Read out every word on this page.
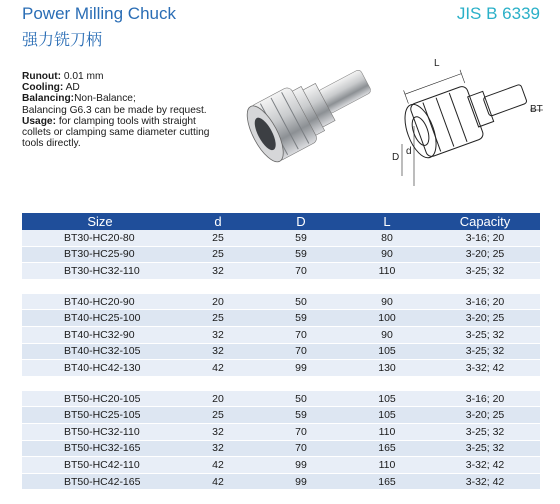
Power Milling Chuck
强力铣刀柄
JIS B 6339
Runout: 0.01 mm
Cooling: AD
Balancing:Non-Balance;
Balancing G6.3 can be made by request.
Usage: for clamping tools with straight collets or clamping same diameter cutting tools directly.
L
D
d
BT
Size	d	D	L	Capacity
BT30-HC20-80	25	59	80	3-16; 20
BT30-HC25-90	25	59	90	3-20; 25
BT30-HC32-110	32	70	110	3-25; 32

BT40-HC20-90	20	50	90	3-16; 20
BT40-HC25-100	25	59	100	3-20; 25
BT40-HC32-90	32	70	90	3-25; 32
BT40-HC32-105	32	70	105	3-25; 32
BT40-HC42-130	42	99	130	3-32; 42

BT50-HC20-105	20	50	105	3-16; 20
BT50-HC25-105	25	59	105	3-20; 25
BT50-HC32-110	32	70	110	3-25; 32
BT50-HC32-165	32	70	165	3-25; 32
BT50-HC42-110	42	99	110	3-32; 42
BT50-HC42-165	42	99	165	3-32; 42
